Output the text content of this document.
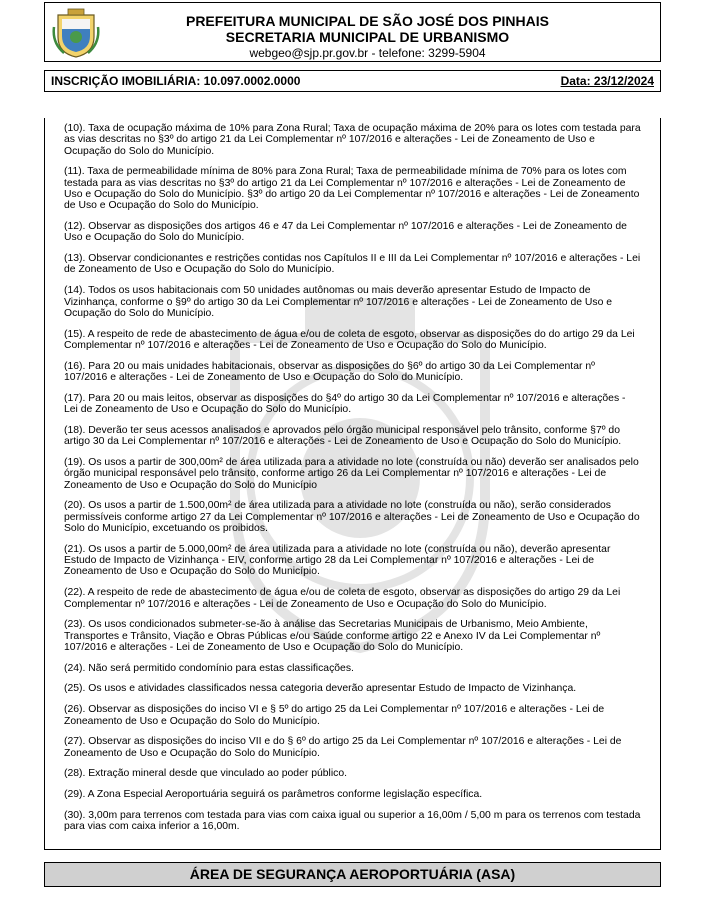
PREFEITURA MUNICIPAL DE SÃO JOSÉ DOS PINHAIS
SECRETARIA MUNICIPAL DE URBANISMO
webgeo@sjp.pr.gov.br - telefone: 3299-5904
INSCRIÇÃO IMOBILIÁRIA: 10.097.0002.0000	Data: 23/12/2024

(10). Taxa de ocupação máxima de 10% para Zona Rural; Taxa de ocupação máxima de 20% para os lotes com testada para as vias descritas no §3º do artigo 21 da Lei Complementar nº 107/2016 e alterações - Lei de Zoneamento de Uso e Ocupação do Solo do Município.

(11). Taxa de permeabilidade mínima de 80% para Zona Rural; Taxa de permeabilidade mínima de 70% para os lotes com testada para as vias descritas no §3º do artigo 21 da Lei Complementar nº 107/2016 e alterações - Lei de Zoneamento de Uso e Ocupação do Solo do Município. §3º do artigo 20 da Lei Complementar nº 107/2016 e alterações - Lei de Zoneamento de Uso e Ocupação do Solo do Município.

(12). Observar as disposições dos artigos 46 e 47 da Lei Complementar nº 107/2016 e alterações - Lei de Zoneamento de Uso e Ocupação do Solo do Município.

(13). Observar condicionantes e restrições contidas nos Capítulos II e III da Lei Complementar nº 107/2016 e alterações - Lei de Zoneamento de Uso e Ocupação do Solo do Município.

(14). Todos os usos habitacionais com 50 unidades autônomas ou mais deverão apresentar Estudo de Impacto de Vizinhança, conforme o §9º do artigo 30 da Lei Complementar nº 107/2016 e alterações - Lei de Zoneamento de Uso e Ocupação do Solo do Município.

(15). A respeito de rede de abastecimento de água e/ou de coleta de esgoto, observar as disposições do do artigo 29 da Lei Complementar nº 107/2016 e alterações - Lei de Zoneamento de Uso e Ocupação do Solo do Município.

(16). Para 20 ou mais unidades habitacionais, observar as disposições do §6º do artigo 30 da Lei Complementar nº 107/2016 e alterações - Lei de Zoneamento de Uso e Ocupação do Solo do Município.

(17). Para 20 ou mais leitos, observar as disposições do §4º do artigo 30 da Lei Complementar nº 107/2016 e alterações - Lei de Zoneamento de Uso e Ocupação do Solo do Município.

(18). Deverão ter seus acessos analisados e aprovados pelo órgão municipal responsável pelo trânsito, conforme §7º do artigo 30 da Lei Complementar nº 107/2016 e alterações - Lei de Zoneamento de Uso e Ocupação do Solo do Município.

(19). Os usos a partir de 300,00m² de área utilizada para a atividade no lote (construída ou não) deverão ser analisados pelo órgão municipal responsável pelo trânsito, conforme artigo 26 da Lei Complementar nº 107/2016 e alterações - Lei de Zoneamento de Uso e Ocupação do Solo do Município

(20). Os usos a partir de 1.500,00m² de área utilizada para a atividade no lote (construída ou não), serão considerados permissíveis conforme artigo 27 da Lei Complementar nº 107/2016 e alterações - Lei de Zoneamento de Uso e Ocupação do Solo do Município, excetuando os proibidos.

(21). Os usos a partir de 5.000,00m² de área utilizada para a atividade no lote (construída ou não), deverão apresentar Estudo de Impacto de Vizinhança - EIV, conforme artigo 28 da Lei Complementar nº 107/2016 e alterações - Lei de Zoneamento de Uso e Ocupação do Solo do Município.

(22). A respeito de rede de abastecimento de água e/ou de coleta de esgoto, observar as disposições do artigo 29 da Lei Complementar nº 107/2016 e alterações - Lei de Zoneamento de Uso e Ocupação do Solo do Município.

(23). Os usos condicionados submeter-se-ão à análise das Secretarias Municipais de Urbanismo, Meio Ambiente, Transportes e Trânsito, Viação e Obras Públicas e/ou Saúde conforme artigo 22 e Anexo IV da Lei Complementar nº 107/2016 e alterações - Lei de Zoneamento de Uso e Ocupação do Solo do Município.

(24). Não será permitido condomínio para estas classificações.

(25). Os usos e atividades classificados nessa categoria deverão apresentar Estudo de Impacto de Vizinhança.

(26). Observar as disposições do inciso VI e § 5º do artigo 25 da Lei Complementar nº 107/2016 e alterações - Lei de Zoneamento de Uso e Ocupação do Solo do Município.

(27). Observar as disposições do inciso VII e do § 6º do artigo 25 da Lei Complementar nº 107/2016 e alterações - Lei de Zoneamento de Uso e Ocupação do Solo do Município.

(28). Extração mineral desde que vinculado ao poder público.

(29). A Zona Especial Aeroportuária seguirá os parâmetros conforme legislação específica.

(30). 3,00m para terrenos com testada para vias com caixa igual ou superior a 16,00m / 5,00 m para os terrenos com testada para vias com caixa inferior a 16,00m.

ÁREA DE SEGURANÇA AEROPORTUÁRIA (ASA)
